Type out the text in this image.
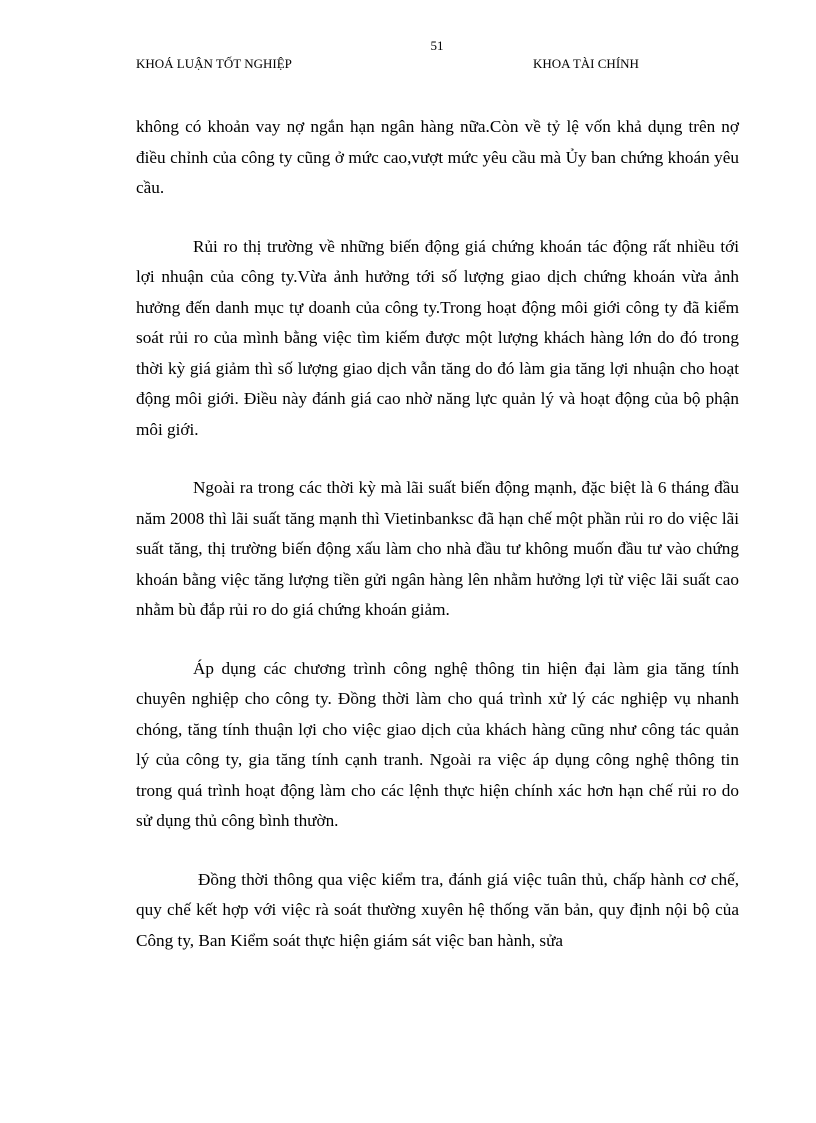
51
KHOÁ LUẬN TỐT NGHIỆP	KHOA TÀI CHÍNH

không có khoản vay nợ ngắn hạn ngân hàng nữa.Còn về tỷ lệ vốn khả dụng trên nợ điều chỉnh của công ty cũng ở mức cao,vượt mức yêu cầu mà Ủy ban chứng khoán yêu cầu.

Rủi ro thị trường về những biến động giá chứng khoán tác động rất nhiều tới lợi nhuận của công ty.Vừa ảnh hưởng tới số lượng giao dịch chứng khoán vừa ảnh hưởng đến danh mục tự doanh của công ty.Trong hoạt động môi giới công ty đã kiểm soát rủi ro của mình bằng việc tìm kiếm được một lượng khách hàng lớn do đó trong thời kỳ giá giảm thì số lượng giao dịch vẫn tăng do đó làm gia tăng lợi nhuận cho hoạt động môi giới. Điều này đánh giá cao nhờ năng lực quản lý và hoạt động của bộ phận môi giới.

Ngoài ra trong các thời kỳ mà lãi suất biến động mạnh, đặc biệt là 6 tháng đầu năm 2008 thì lãi suất tăng mạnh thì Vietinbanksc đã hạn chế một phần rủi ro do việc lãi suất tăng, thị trường biến động xấu làm cho nhà đầu tư không muốn đầu tư vào chứng khoán bằng việc tăng lượng tiền gửi ngân hàng lên nhằm hưởng lợi từ việc lãi suất cao nhằm bù đắp rủi ro do giá chứng khoán giảm.

Áp dụng các chương trình công nghệ thông tin hiện đại làm gia tăng tính chuyên nghiệp cho công ty. Đồng thời làm cho quá trình xử lý các nghiệp vụ nhanh chóng, tăng tính thuận lợi cho việc giao dịch của khách hàng cũng như công tác quản lý của công ty, gia tăng tính cạnh tranh. Ngoài ra việc áp dụng công nghệ thông tin trong quá trình hoạt động làm cho các lệnh thực hiện chính xác hơn hạn chế rủi ro do sử dụng thủ công bình thườn.

Đồng thời thông qua việc kiểm tra, đánh giá việc tuân thủ, chấp hành cơ chế, quy chế kết hợp với việc rà soát thường xuyên hệ thống văn bản, quy định nội bộ của Công ty, Ban Kiểm soát thực hiện giám sát việc ban hành, sửa
